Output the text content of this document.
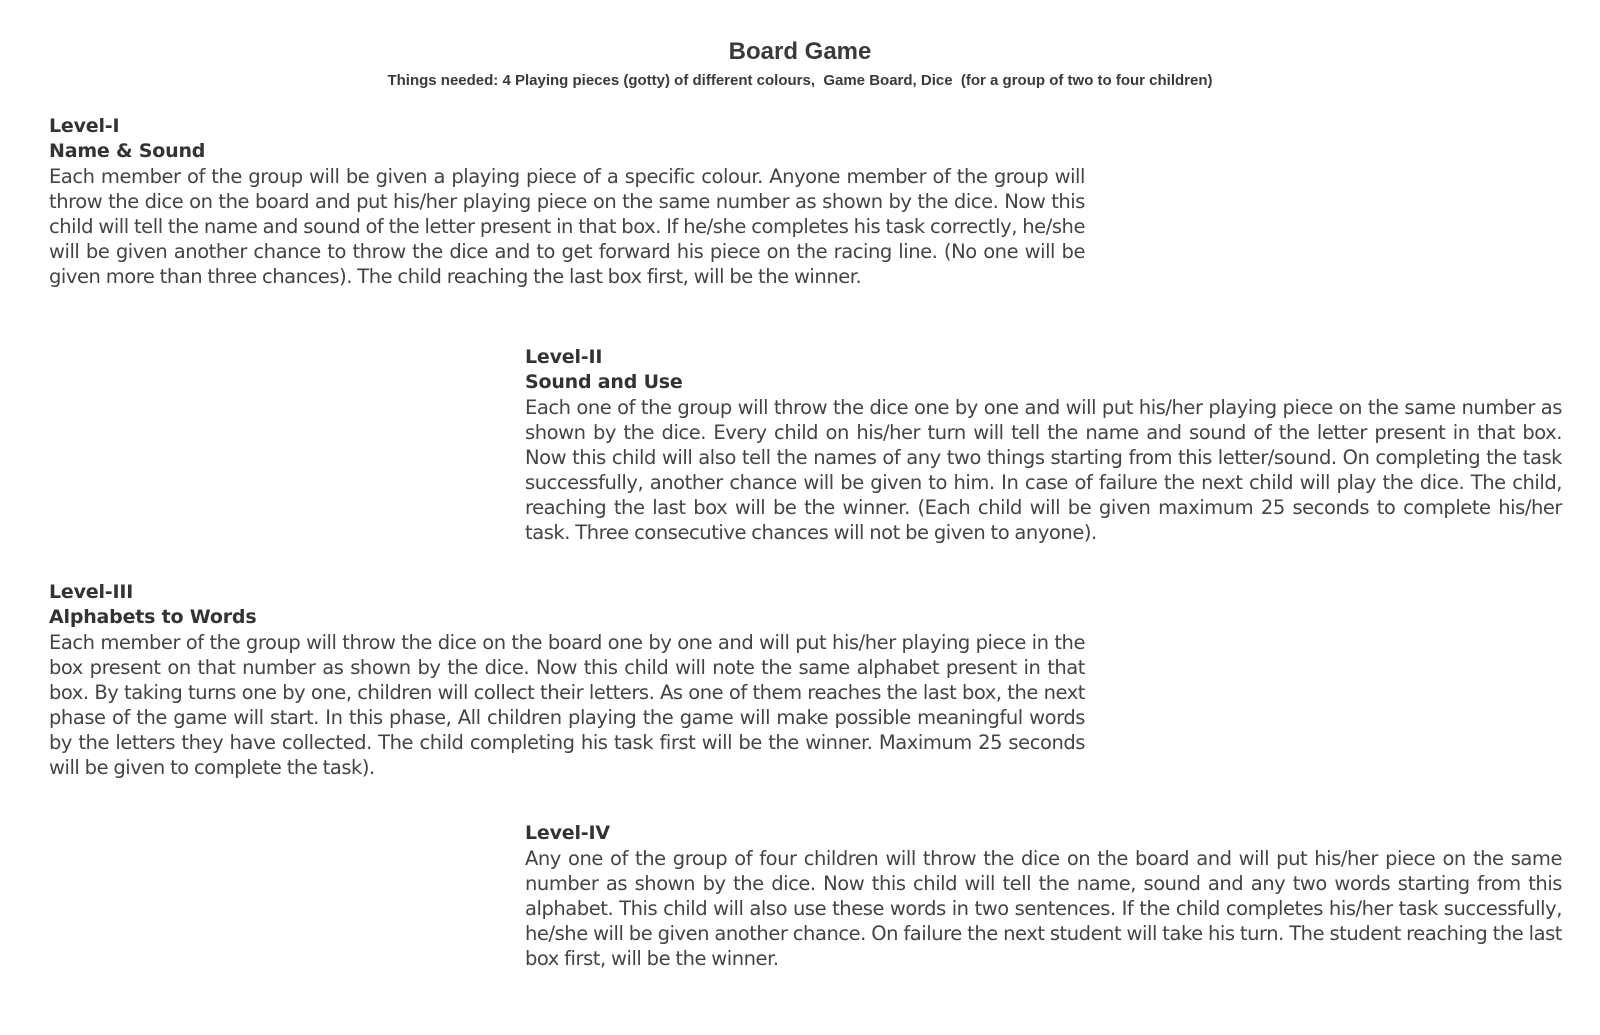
Board Game
Things needed: 4 Playing pieces (gotty) of different colours,  Game Board, Dice  (for a group of two to four children)
Level-I
Name & Sound

Each member of the group will be given a playing piece of a specific colour. Anyone member of the group will throw the dice on the board and put his/her playing piece on the same number as shown by the dice. Now this child will tell the name and sound of the letter present in that box. If he/she completes his task correctly, he/she will be given another chance to throw the dice and to get forward his piece on the racing line. (No one will be given more than three chances). The child reaching the last box first, will be the winner.

Level-II
Sound and Use

Each one of the group will throw the dice one by one and will put his/her playing piece on the same number as shown by the dice. Every child on his/her turn will tell the name and sound of the letter present in that box. Now this child will also tell the names of any two things starting from this letter/sound. On completing the task successfully, another chance will be given to him. In case of failure the next child will play the dice. The child, reaching the last box will be the winner. (Each child will be given maximum 25 seconds to complete his/her task. Three consecutive chances will not be given to anyone).

Level-III
Alphabets to Words

Each member of the group will throw the dice on the board one by one and will put his/her playing piece in the box present on that number as shown by the dice. Now this child will note the same alphabet present in that box. By taking turns one by one, children will collect their letters. As one of them reaches the last box, the next phase of the game will start. In this phase, All children playing the game will make possible meaningful words by the letters they have collected. The child completing his task first will be the winner. Maximum 25 seconds will be given to complete the task).

Level-IV

Any one of the group of four children will throw the dice on the board and will put his/her piece on the same number as shown by the dice. Now this child will tell the name, sound and any two words starting from this alphabet. This child will also use these words in two sentences. If the child completes his/her task successfully, he/she will be given another chance. On failure the next student will take his turn. The student reaching the last box first, will be the winner.
